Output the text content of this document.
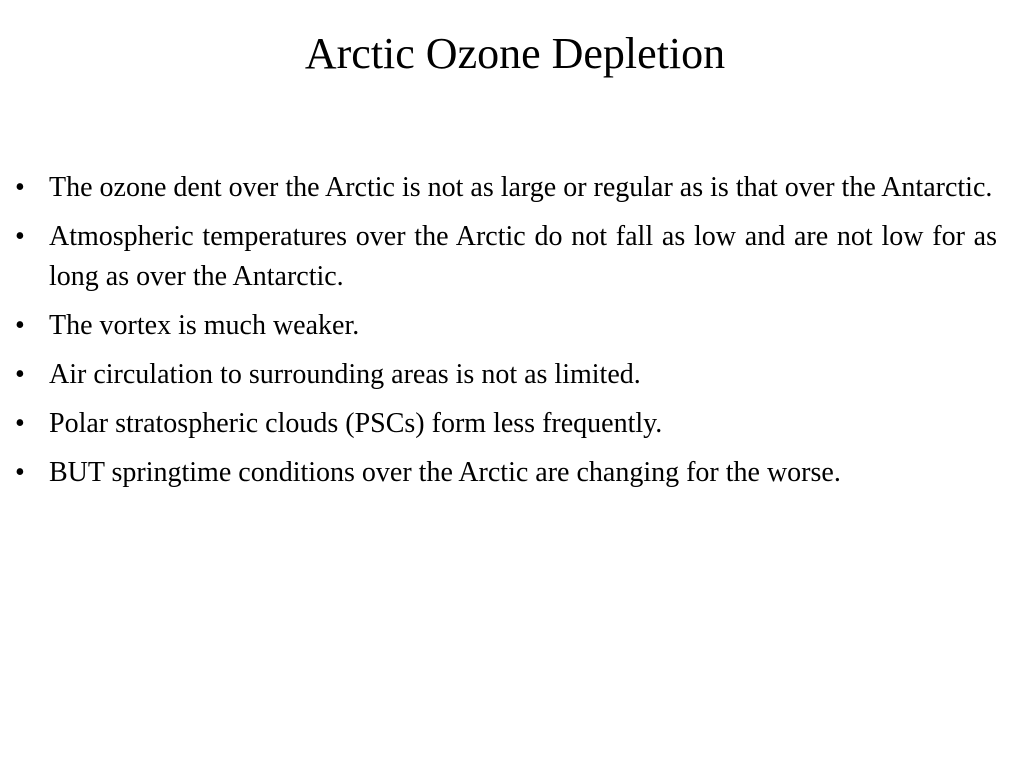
Arctic Ozone Depletion
• The ozone dent over the Arctic is not as large or regular as is that over the Antarctic.
• Atmospheric temperatures over the Arctic do not fall as low and are not low for as long as over the Antarctic.
• The vortex is much weaker.
• Air circulation to surrounding areas is not as limited.
• Polar stratospheric clouds (PSCs) form less frequently.
• BUT springtime conditions over the Arctic are changing for the worse.
